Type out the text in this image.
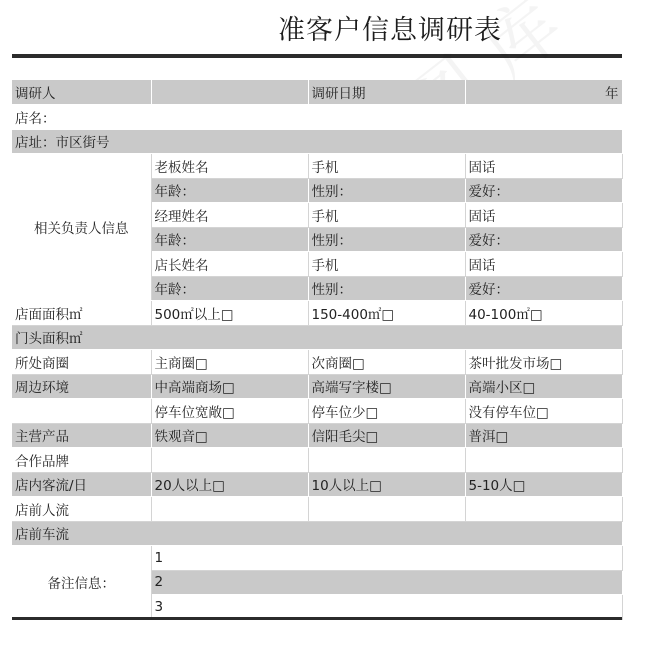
准客户信息调研表
调研人		调研日期	年
店名：			
店址：市区街号			
相关负责人信息	老板姓名	手机	固话
	年龄：	性别：	爱好：
	经理姓名	手机	固话
	年龄：	性别：	爱好：
	店长姓名	手机	固话
	年龄：	性别：	爱好：
店面面积㎡	500㎡以上□	150-400㎡□	40-100㎡□
门头面积㎡			
所处商圈	主商圈□	次商圈□	茶叶批发市场□
周边环境	中高端商场□	高端写字楼□	高端小区□
	停车位宽敞□	停车位少□	没有停车位□
主营产品	铁观音□	信阳毛尖□	普洱□
合作品牌			
店内客流/日	20人以上□	10人以上□	5-10人□
店前人流			
店前车流			
备注信息：	1		
	2		
	3		
